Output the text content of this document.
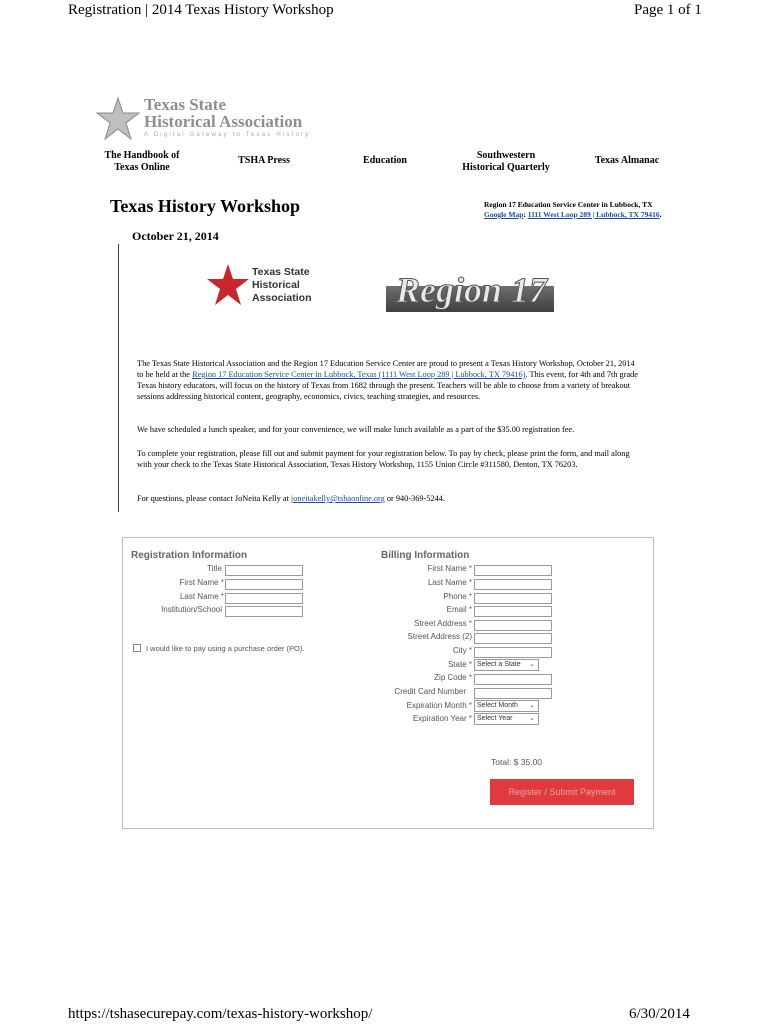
Registration | 2014 Texas History Workshop	Page 1 of 1
Texas State
Historical Association
A Digital Gateway to Texas History
The Handbook of
Texas Online
TSHA Press	Education	Southwestern
Historical Quarterly
Texas Almanac
Texas History Workshop
October 21, 2014
Region 17 Education Service Center in Lubbock, TX
Google Map: 1111 West Loop 289 | Lubbock, TX 79416.
Texas State
Historical
Association Region 17
The Texas State Historical Association and the Region 17 Education Service Center are proud to present a Texas History Workshop, October 21, 2014 to be held at the Region 17 Education Service Center in Lubbock, Texas (1111 West Loop 289 | Lubbock, TX 79416). This event, for 4th and 7th grade Texas history educators, will focus on the history of Texas from 1682 through the present. Teachers will be able to choose from a variety of breakout sessions addressing historical content, geography, economics, civics, teaching strategies, and resources.
We have scheduled a lunch speaker, and for your convenience, we will make lunch available as a part of the $35.00 registration fee.
To complete your registration, please fill out and submit payment for your registration below. To pay by check, please print the form, and mail along with your check to the Texas State Historical Association, Texas History Workshop, 1155 Union Circle #311580, Denton, TX 76203.
For questions, please contact JoNeita Kelly at joneitakelly@tshaonline.org or 940-369-5244.
Registration Information
Title
First Name *
Last Name *
Institution/School
I would like to pay using a purchase order (PO).
Billing Information
First Name *
Last Name *
Phone *
Email *
Street Address *
Street Address (2)
City *
State * Select a State ⌄
Zip Code *
Credit Card Number
Expiration Month * Select Month ⌄
Expiration Year * Select Year ⌄
Total: $ 35.00
Register / Submit Payment
https://tshasecurepay.com/texas-history-workshop/	6/30/2014
